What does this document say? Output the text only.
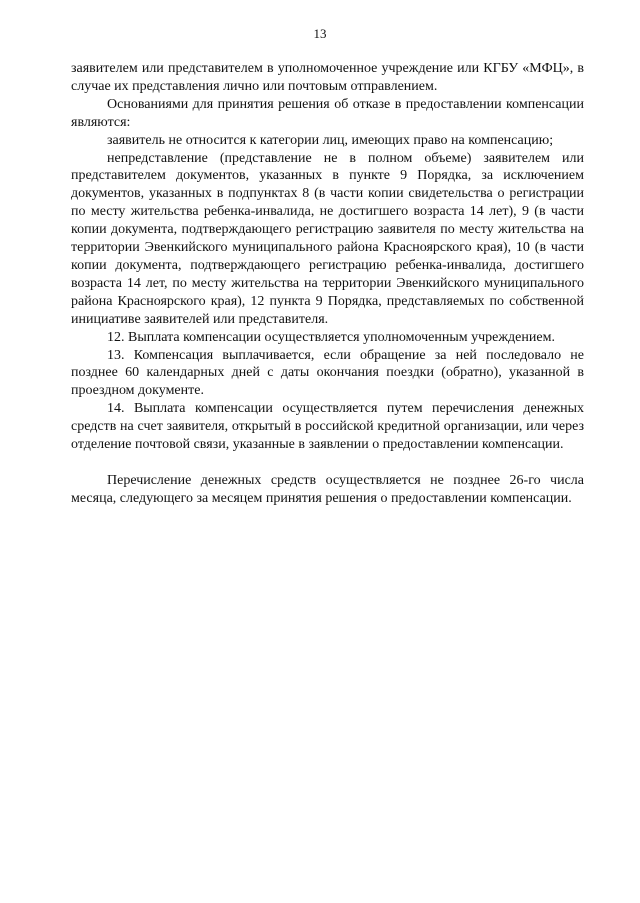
13

заявителем или представителем в уполномоченное учреждение или КГБУ «МФЦ», в случае их представления лично или почтовым отправлением.

Основаниями для принятия решения об отказе в предоставлении компенсации являются:

заявитель не относится к категории лиц, имеющих право на компенсацию;

непредставление (представление не в полном объеме) заявителем или представителем документов, указанных в пункте 9 Порядка, за исключением документов, указанных в подпунктах 8 (в части копии свидетельства о регистрации по месту жительства ребенка-инвалида, не достигшего возраста 14 лет), 9 (в части копии документа, подтверждающего регистрацию заявителя по месту жительства на территории Эвенкийского муниципального района Красноярского края), 10 (в части копии документа, подтверждающего регистрацию ребенка-инвалида, достигшего возраста 14 лет, по месту жительства на территории Эвенкийского муниципального района Красноярского края), 12 пункта 9 Порядка, представляемых по собственной инициативе заявителей или представителя.

12. Выплата компенсации осуществляется уполномоченным учреждением.

13. Компенсация выплачивается, если обращение за ней последовало не позднее 60 календарных дней с даты окончания поездки (обратно), указанной в проездном документе.

14. Выплата компенсации осуществляется путем перечисления денежных средств на счет заявителя, открытый в российской кредитной организации, или через отделение почтовой связи, указанные в заявлении о предоставлении компенсации.

Перечисление денежных средств осуществляется не позднее 26-го числа месяца, следующего за месяцем принятия решения о предоставлении компенсации.
